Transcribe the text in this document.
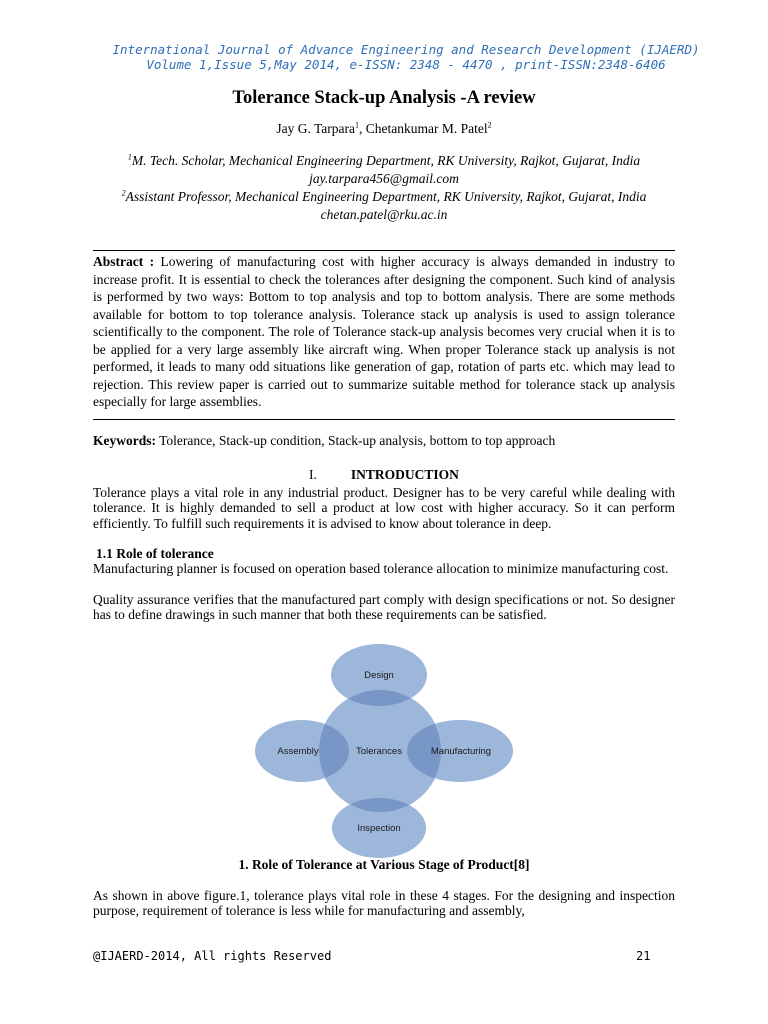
International Journal of Advance Engineering and Research Development (IJAERD)
Volume 1,Issue 5,May 2014, e-ISSN: 2348 - 4470 , print-ISSN:2348-6406
Tolerance Stack-up Analysis -A review
Jay G. Tarpara$^1$, Chetankumar M. Patel$^2$
$^1$M. Tech. Scholar, Mechanical Engineering Department, RK University, Rajkot, Gujarat, India
jay.tarpara456@gmail.com
$^2$Assistant Professor, Mechanical Engineering Department, RK University, Rajkot, Gujarat, India
chetan.patel@rku.ac.in
Abstract : Lowering of manufacturing cost with higher accuracy is always demanded in industry to increase profit. It is essential to check the tolerances after designing the component. Such kind of analysis is performed by two ways: Bottom to top analysis and top to bottom analysis. There are some methods available for bottom to top tolerance analysis. Tolerance stack up analysis is used to assign tolerance scientifically to the component. The role of Tolerance stack-up analysis becomes very crucial when it is to be applied for a very large assembly like aircraft wing. When proper Tolerance stack up analysis is not performed, it leads to many odd situations like generation of gap, rotation of parts etc. which may lead to rejection. This review paper is carried out to summarize suitable method for tolerance stack up analysis especially for large assemblies.
Keywords: Tolerance, Stack-up condition, Stack-up analysis, bottom to top approach
I.	INTRODUCTION
Tolerance plays a vital role in any industrial product. Designer has to be very careful while dealing with tolerance. It is highly demanded to sell a product at low cost with higher accuracy. So it can perform efficiently. To fulfill such requirements it is advised to know about tolerance in deep.
1.1 Role of tolerance
Manufacturing planner is focused on operation based tolerance allocation to minimize manufacturing cost.
Quality assurance verifies that the manufactured part comply with design specifications or not. So designer has to define drawings in such manner that both these requirements can be satisfied.
Tolerances
Design
Assembly	Manufacturing
Inspection
1. Role of Tolerance at Various Stage of Product[8]
As shown in above figure.1, tolerance plays vital role in these 4 stages. For the designing and inspection purpose, requirement of tolerance is less while for manufacturing and assembly,
@IJAERD-2014, All rights Reserved	21
